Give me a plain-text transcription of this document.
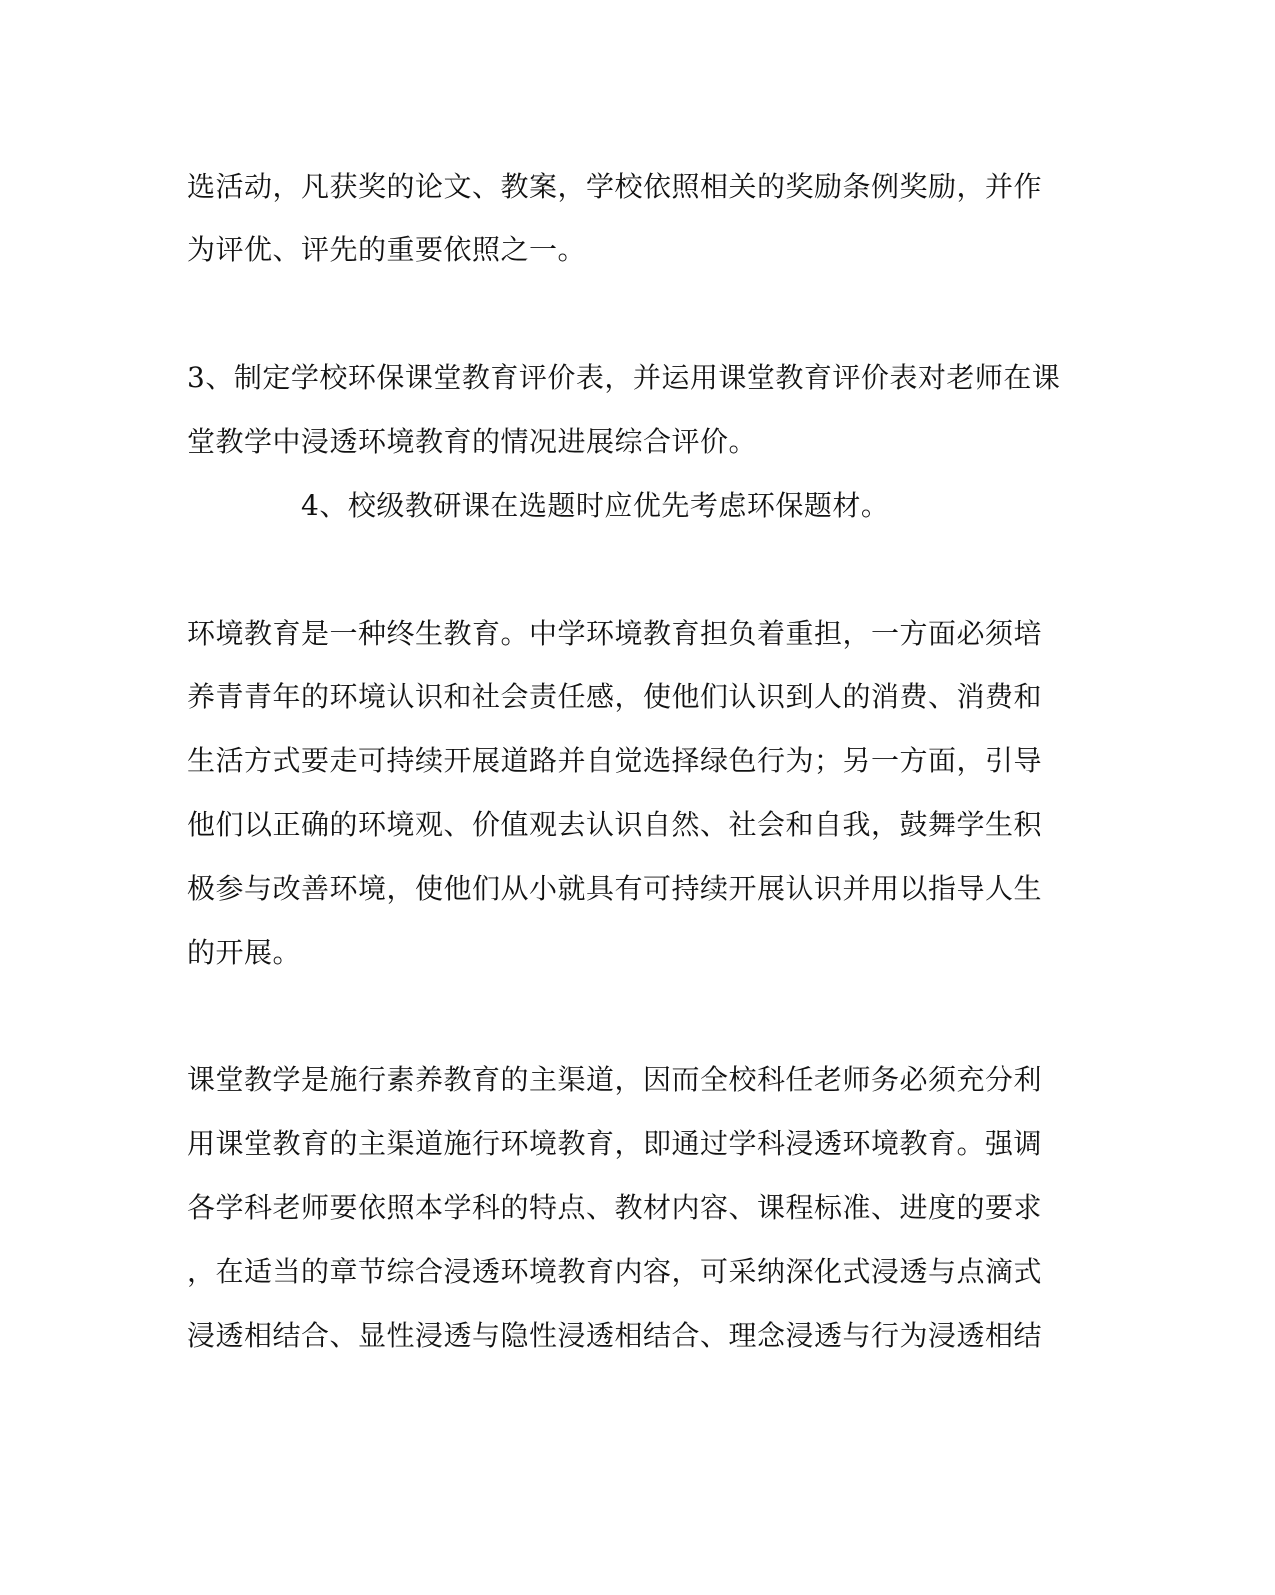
选活动，凡获奖的论文、教案，学校依照相关的奖励条例奖励，并作
为评优、评先的重要依照之一。
3、制定学校环保课堂教育评价表，并运用课堂教育评价表对老师在课
堂教学中浸透环境教育的情况进展综合评价。
4、校级教研课在选题时应优先考虑环保题材。
环境教育是一种终生教育。中学环境教育担负着重担，一方面必须培
养青青年的环境认识和社会责任感，使他们认识到人的消费、消费和
生活方式要走可持续开展道路并自觉选择绿色行为；另一方面，引导
他们以正确的环境观、价值观去认识自然、社会和自我，鼓舞学生积
极参与改善环境，使他们从小就具有可持续开展认识并用以指导人生
的开展。
课堂教学是施行素养教育的主渠道，因而全校科任老师务必须充分利
用课堂教育的主渠道施行环境教育，即通过学科浸透环境教育。强调
各学科老师要依照本学科的特点、教材内容、课程标准、进度的要求
，在适当的章节综合浸透环境教育内容，可采纳深化式浸透与点滴式
浸透相结合、显性浸透与隐性浸透相结合、理念浸透与行为浸透相结
